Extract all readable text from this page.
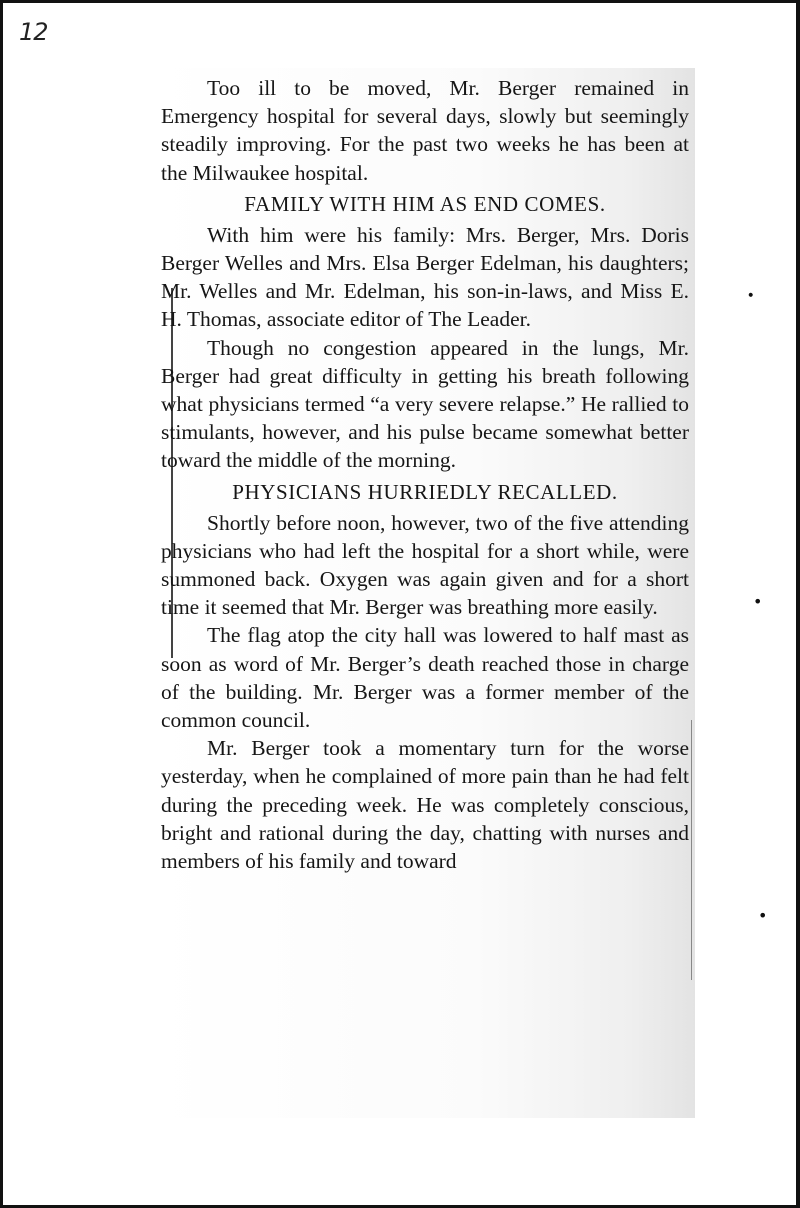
12

Too ill to be moved, Mr. Berger remained in Emergency hospital for several days, slowly but seemingly steadily improving. For the past two weeks he has been at the Milwaukee hospital.

FAMILY WITH HIM AS END COMES.

With him were his family: Mrs. Berger, Mrs. Doris Berger Welles and Mrs. Elsa Berger Edelman, his daughters; Mr. Welles and Mr. Edelman, his son-in-laws, and Miss E. H. Thomas, associate editor of The Leader.

Though no congestion appeared in the lungs, Mr. Berger had great difficulty in getting his breath following what physicians termed “a very severe relapse.” He rallied to stimulants, however, and his pulse became somewhat better toward the middle of the morning.

PHYSICIANS HURRIEDLY RECALLED.

Shortly before noon, however, two of the five attending physicians who had left the hospital for a short while, were summoned back. Oxygen was again given and for a short time it seemed that Mr. Berger was breathing more easily.

The flag atop the city hall was lowered to half mast as soon as word of Mr. Berger’s death reached those in charge of the building. Mr. Berger was a former member of the common council.

Mr. Berger took a momentary turn for the worse yesterday, when he complained of more pain than he had felt during the preceding week. He was completely conscious, bright and rational during the day, chatting with nurses and members of his family and toward

•
•
•
